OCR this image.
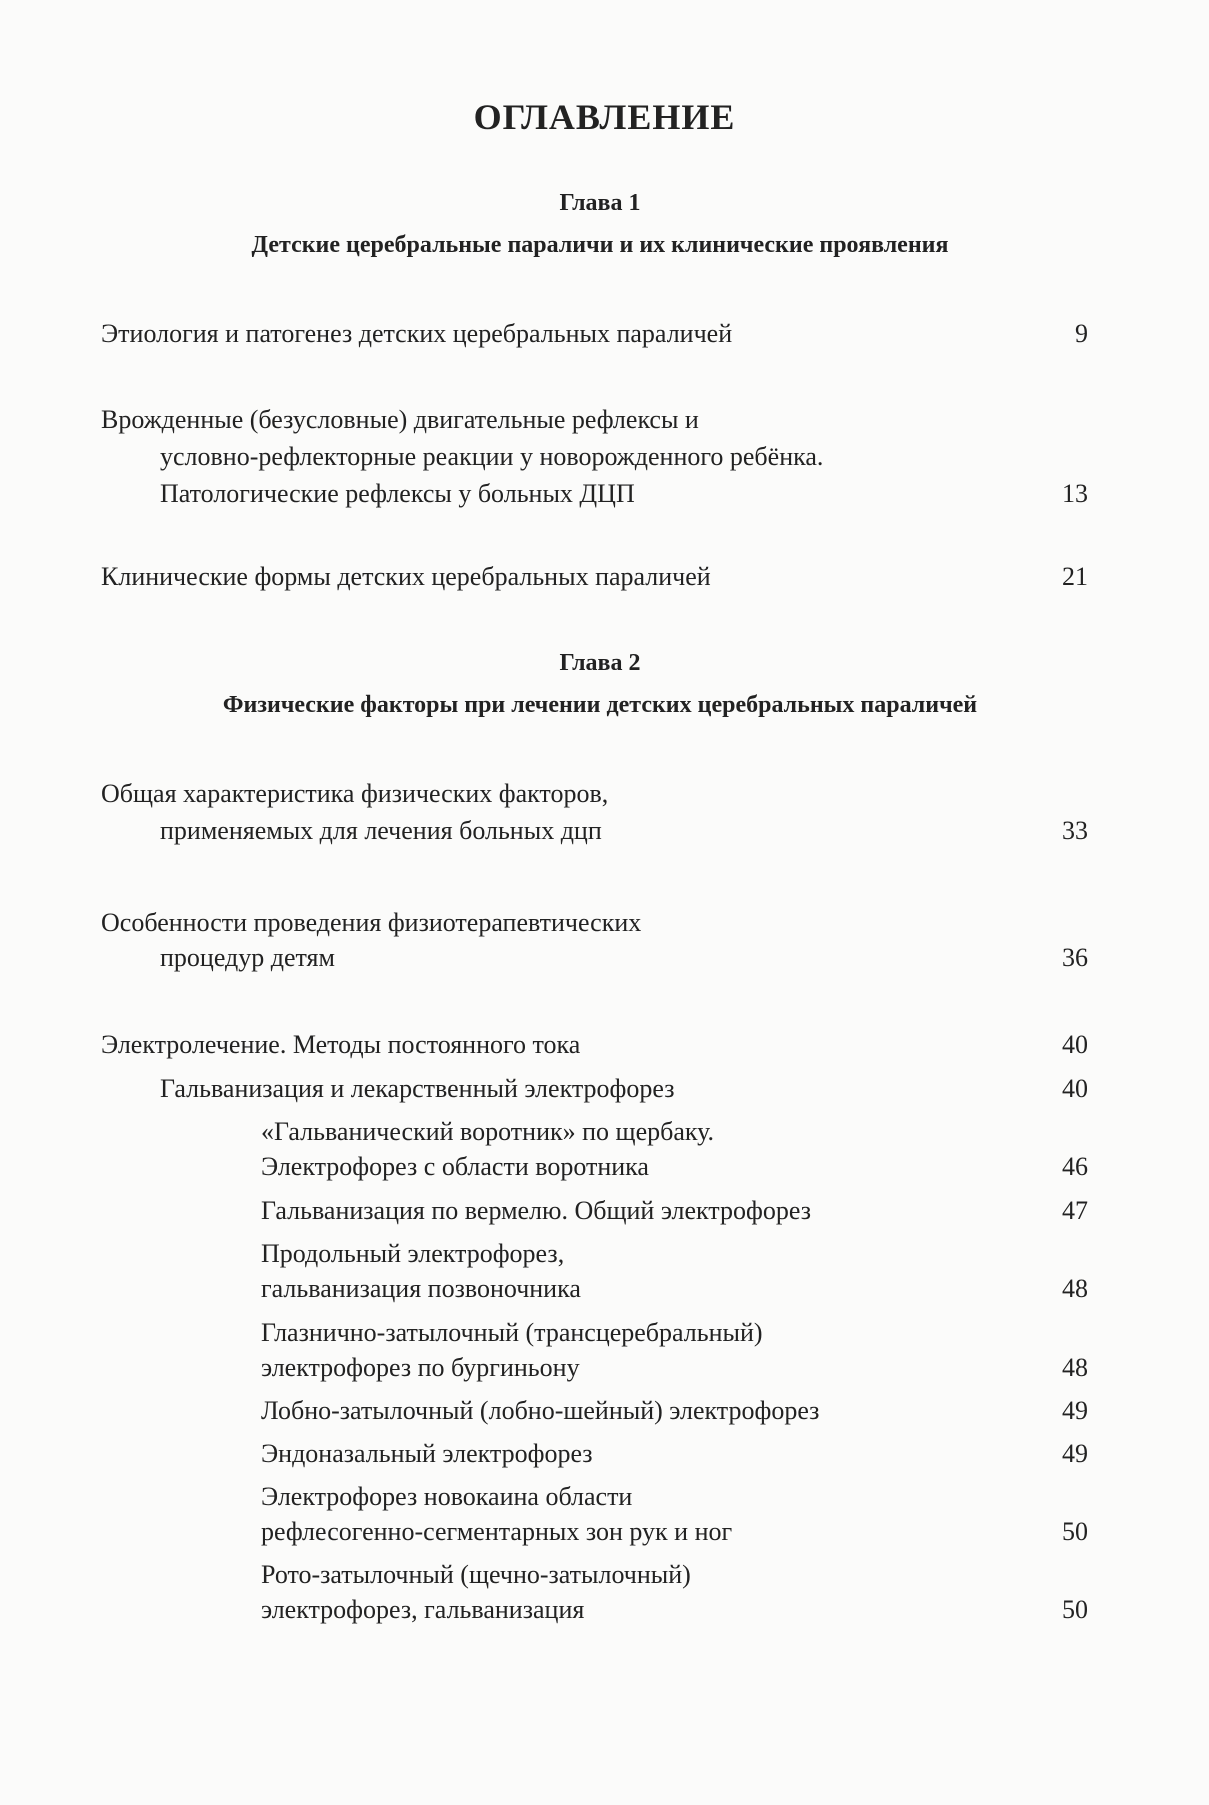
ОГЛАВЛЕНИЕ
Глава 1
Детские церебральные параличи и их клинические проявления
Этиология и патогенез детских церебральных параличей	9
Врожденные (безусловные) двигательные рефлексы и
условно-рефлекторные реакции у новорожденного ребёнка.
Патологические рефлексы у больных ДЦП	13
Клинические формы детских церебральных параличей	21
Глава 2
Физические факторы при лечении детских церебральных параличей
Общая характеристика физических факторов,
применяемых для лечения больных дцп	33
Особенности проведения физиотерапевтических
процедур детям	36
Электролечение. Методы постоянного тока	40
Гальванизация и лекарственный электрофорез	40
«Гальванический воротник» по щербаку.
Электрофорез с области воротника	46
Гальванизация по вермелю. Общий электрофорез	47
Продольный электрофорез,
гальванизация позвоночника	48
Глазнично-затылочный (трансцеребральный)
электрофорез по бургиньону	48
Лобно-затылочный (лобно-шейный) электрофорез	49
Эндоназальный электрофорез	49
Электрофорез новокаина области
рефлесогенно-сегментарных зон рук и ног	50
Рото-затылочный (щечно-затылочный)
электрофорез, гальванизация	50
